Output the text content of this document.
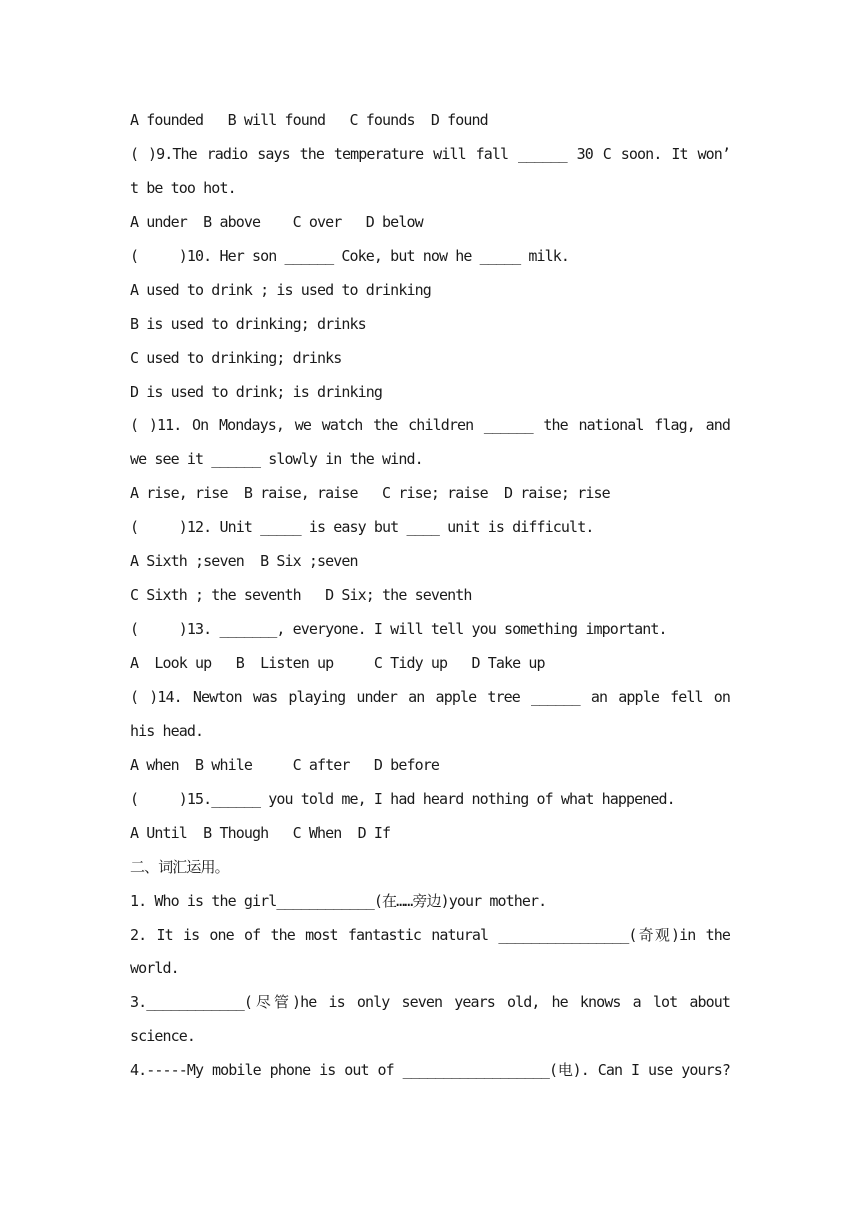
A founded   B will found   C founds  D found
( )9.The radio says the temperature will fall ______ 30 C soon. It won’
t be too hot.
A under  B above    C over   D below
(     )10. Her son ______ Coke, but now he _____ milk.
A used to drink ; is used to drinking
B is used to drinking; drinks
C used to drinking; drinks
D is used to drink; is drinking
( )11. On Mondays, we watch the children ______ the national flag, and
we see it ______ slowly in the wind.
A rise, rise  B raise, raise   C rise; raise  D raise; rise
(     )12. Unit _____ is easy but ____ unit is difficult.
A Sixth ;seven  B Six ;seven
C Sixth ; the seventh   D Six; the seventh
(     )13. _______, everyone. I will tell you something important.
A  Look up   B  Listen up     C Tidy up   D Take up
( )14. Newton was playing under an apple tree ______ an apple fell on
his head.
A when  B while     C after   D before
(     )15.______ you told me, I had heard nothing of what happened.
A Until  B Though   C When  D If
二、词汇运用。
1. Who is the girl____________(在……旁边)your mother.
2. It is one of the most fantastic natural ________________(奇观)in the
world.
3.____________(尽管)he is only seven years old, he knows a lot about
science.
4.-----My mobile phone is out of __________________(电). Can I use yours?
